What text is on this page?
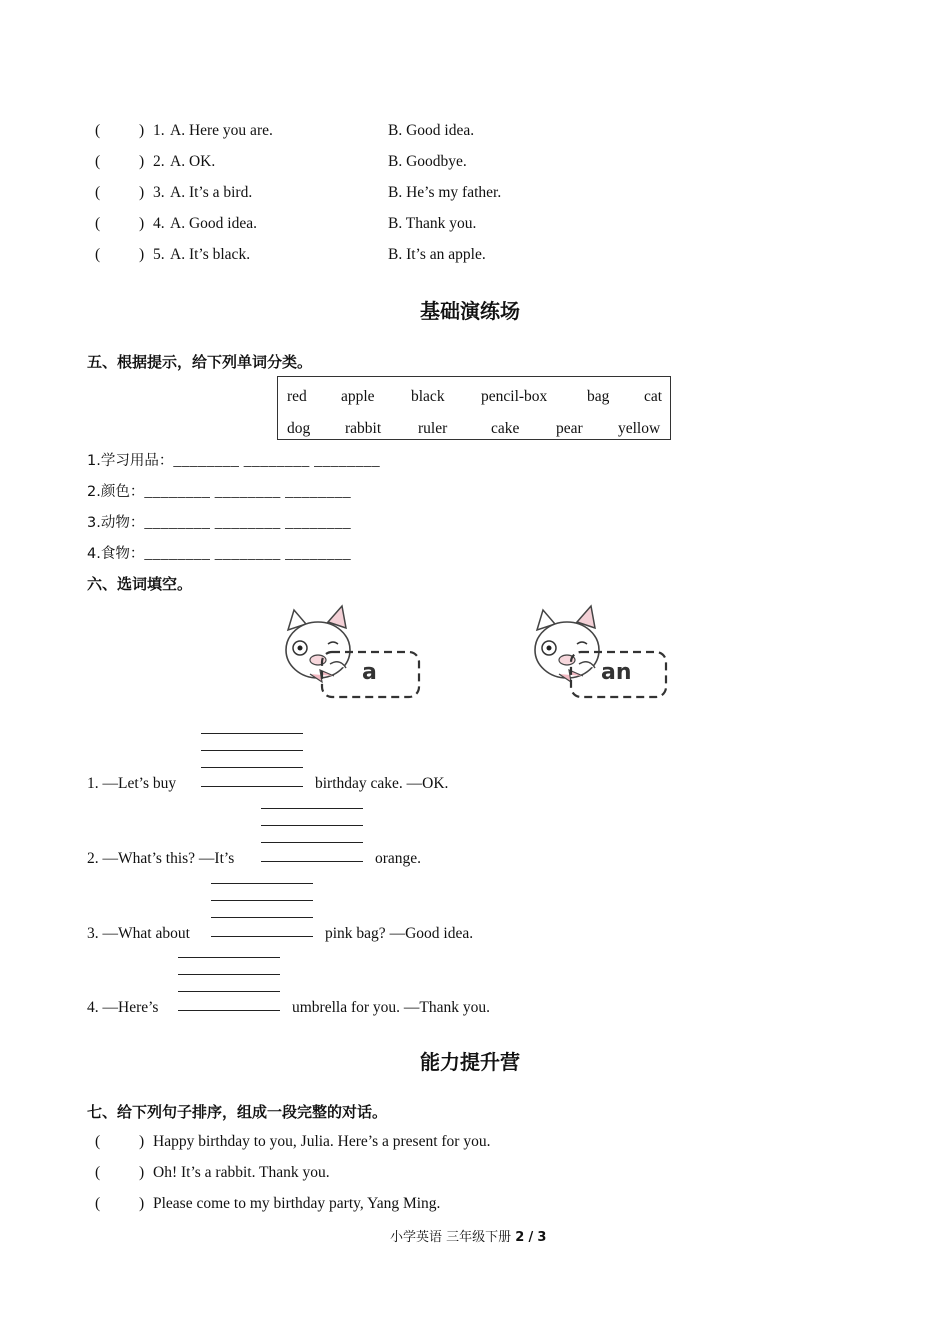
(	) 1. A. Here you are.	B. Good idea.
(	) 2. A. OK.	B. Goodbye.
(	) 3. A. It’s a bird.	B. He’s my father.
(	) 4. A. Good idea.	B. Thank you.
(	) 5. A. It’s black.	B. It’s an apple.
基础演练场
五、根据提示，给下列单词分类。
red apple black pencil-box	bag cat
dog rabbit ruler	cake pear yellow
1.学习用品：________ ________ ________
2.颜色：________ ________ ________
3.动物：________ ________ ________
4.食物：________ ________ ________
六、选词填空。
a	an
1. —Let’s buy	birthday cake. —OK.
2. —What’s this? —It’s	orange.
3. —What about	pink bag? —Good idea.
4. —Here’s	umbrella for you. —Thank you.
能力提升营
七、给下列句子排序，组成一段完整的对话。
(	) Happy birthday to you, Julia. Here’s a present for you.
(	) Oh! It’s a rabbit. Thank you.
(	) Please come to my birthday party, Yang Ming.
小学英语 三年级下册 2 / 3
